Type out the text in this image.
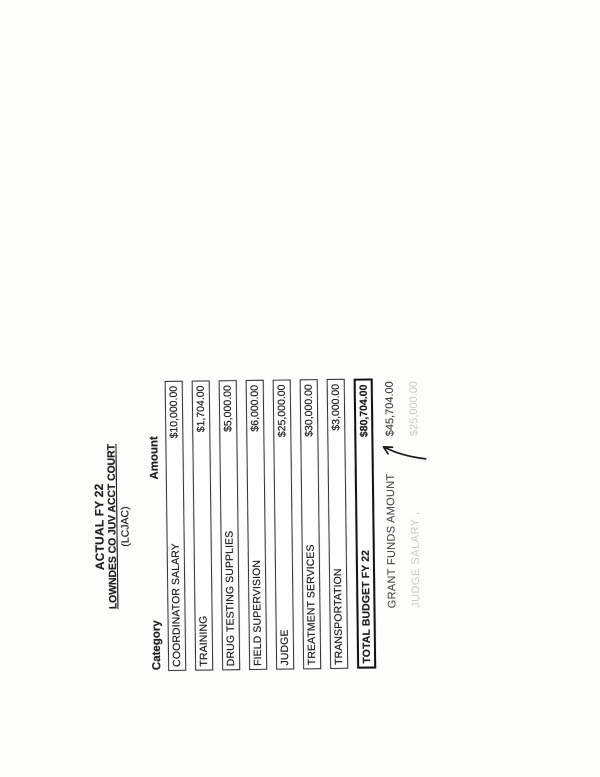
ACTUAL FY 22
LOWNDES CO JUV ACCT COURT (LCJAC)
Category
Amount
COORDINATOR SALARY
$10,000.00
TRAINING
$1,704.00
DRUG TESTING SUPPLIES
$5,000.00
FIELD SUPERVISION
$6,000.00
JUDGE
$25,000.00
TREATMENT SERVICES
$30,000.00
TRANSPORTATION
$3,000.00
TOTAL BUDGET FY 22
$80,704.00
GRANT FUNDS AMOUNT
$45,704.00
JUDGE SALARY ,
$25,000.00
